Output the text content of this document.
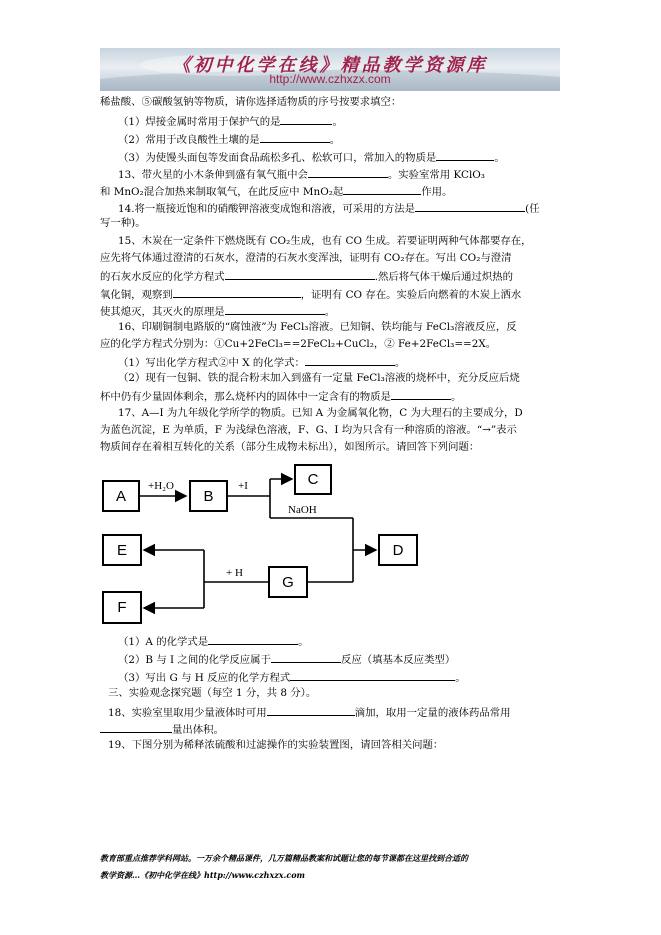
《初中化学在线》精品教学资源库
http://www.czhxzx.com
稀盐酸、⑤碳酸氢钠等物质，请你选择适物质的序号按要求填空：
（1）焊接金属时常用于保护气的是	。
（2）常用于改良酸性土壤的是	。
（3）为使馒头面包等发面食品疏松多孔、松软可口，常加入的物质是	。
13、带火星的小木条伸到盛有氧气瓶中会	。实验室常用 KClO₃
和 MnO₂混合加热来制取氧气，在此反应中 MnO₂起	作用。
14.将一瓶接近饱和的硝酸钾溶液变成饱和溶液，可采用的方法是	(任
写一种)。
15、木炭在一定条件下燃烧既有 CO₂生成，也有 CO 生成。若要证明两种气体都要存在，
应先将气体通过澄清的石灰水，澄清的石灰水变浑浊，证明有 CO₂存在。写出 CO₂与澄清
的石灰水反应的化学方程式	.然后将气体干燥后通过炽热的
氧化铜，观察到	，证明有 CO 存在。实验后向燃着的木炭上洒水
使其熄灭，其灭火的原理是	。
16、印刷铜制电路版的“腐蚀液”为 FeCl₃溶液。已知铜、铁均能与 FeCl₃溶液反应，反
应的化学方程式分别为：①Cu+2FeCl₃==2FeCl₂+CuCl₂，② Fe+2FeCl₃==2X。
（1）写出化学方程式②中 X 的化学式：	。
（2）现有一包铜、铁的混合粉末加入到盛有一定量 FeCl₃溶液的烧杯中，充分反应后烧
杯中仍有少量固体剩余，那么烧杯内的固体中一定含有的物质是	。
17、A—I 为九年级化学所学的物质。已知 A 为金属氧化物，C 为大理石的主要成分，D
为蓝色沉淀，E 为单质，F 为浅绿色溶液，F、G、I 均为只含有一种溶质的溶液。“→”表示
物质间存在着相互转化的关系（部分生成物未标出），如图所示。请回答下列问题：
A	B
C
D
E
F
G
+H₂O	+I
NaOH
+ H
（1）A 的化学式是	。
（2）B 与 I 之间的化学反应属于	反应（填基本反应类型）
（3）写出 G 与 H 反应的化学方程式	。
三、实验观念探究题（每空 1 分，共 8 分）。
18、实验室里取用少量液体时可用	滴加，取用一定量的液体药品常用
量出体积。
19、下图分别为稀释浓硫酸和过滤操作的实验装置图，请回答相关问题：
教育部重点推荐学科网站。一万余个精品课件，几万篇精品教案和试题让您的每节课都在这里找到合适的
教学资源…《初中化学在线》http://www.czhxzx.com
